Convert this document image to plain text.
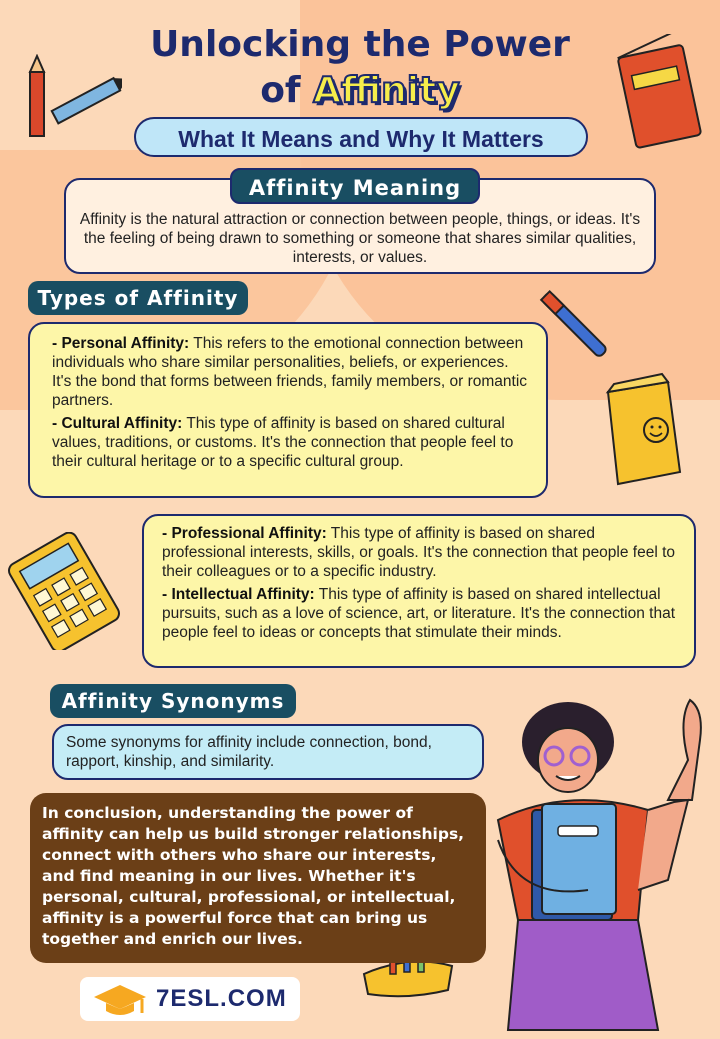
Unlocking the Power
of Affinity
What It Means and Why It Matters
Affinity is the natural attraction or connection between people, things, or ideas. It's the feeling of being drawn to something or someone that shares similar qualities, interests, or values.
Affinity Meaning
Types of Affinity

- Personal Affinity: This refers to the emotional connection between individuals who share similar personalities, beliefs, or experiences. It's the bond that forms between friends, family members, or romantic partners.

- Cultural Affinity: This type of affinity is based on shared cultural values, traditions, or customs. It's the connection that people feel to their cultural heritage or to a specific cultural group.

- Professional Affinity: This type of affinity is based on shared professional interests, skills, or goals. It's the connection that people feel to their colleagues or to a specific industry.

- Intellectual Affinity: This type of affinity is based on shared intellectual pursuits, such as a love of science, art, or literature. It's the connection that people feel to ideas or concepts that stimulate their minds.

Affinity Synonyms
Some synonyms for affinity include connection, bond, rapport, kinship, and similarity.
In conclusion, understanding the power of affinity can help us build stronger relationships, connect with others who share our interests, and find meaning in our lives. Whether it's personal, cultural, professional, or intellectual, affinity is a powerful force that can bring us together and enrich our lives.
7ESL.COM
